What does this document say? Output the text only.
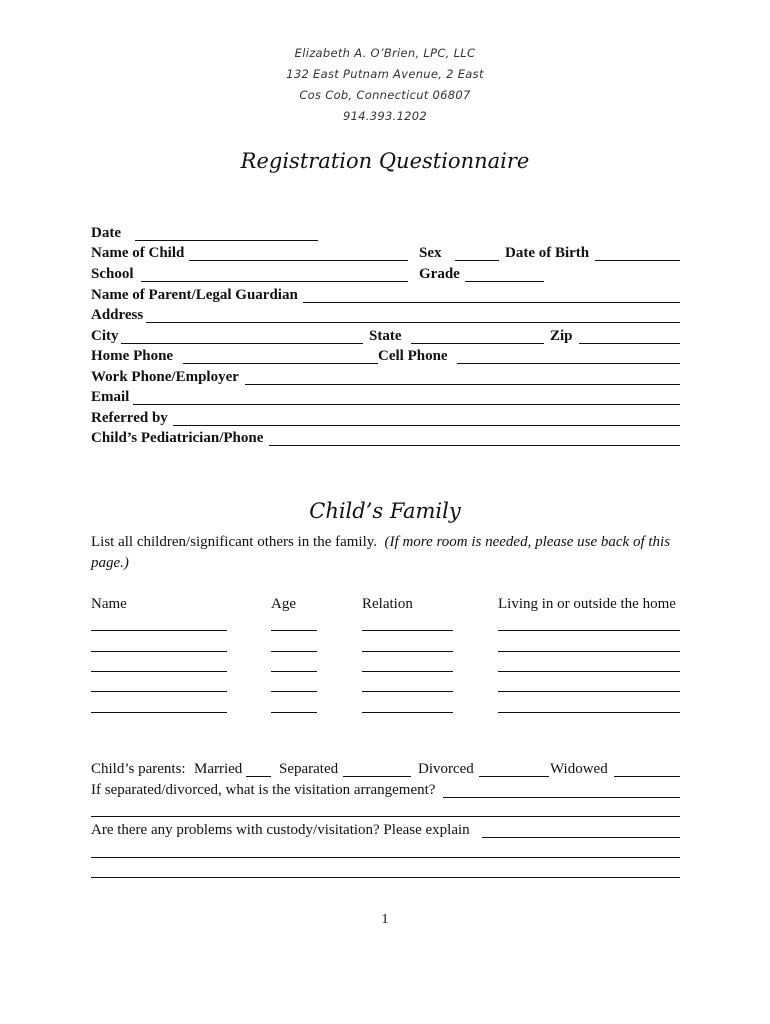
Elizabeth A. O’Brien, LPC, LLC
132 East Putnam Avenue, 2 East
Cos Cob, Connecticut 06807
914.393.1202
Registration Questionnaire
Date
Name of Child	Sex	Date of Birth
School	Grade
Name of Parent/Legal Guardian
Address
City	State	Zip
Home Phone	Cell Phone
Work Phone/Employer
Email
Referred by
Child’s Pediatrician/Phone
Child’s Family
List all children/significant others in the family. (If more room is needed, please use back of this page.)
Name	Age	Relation	Living in or outside the home
Child’s parents: Married Separated	Divorced	Widowed
If separated/divorced, what is the visitation arrangement?
Are there any problems with custody/visitation? Please explain
1
